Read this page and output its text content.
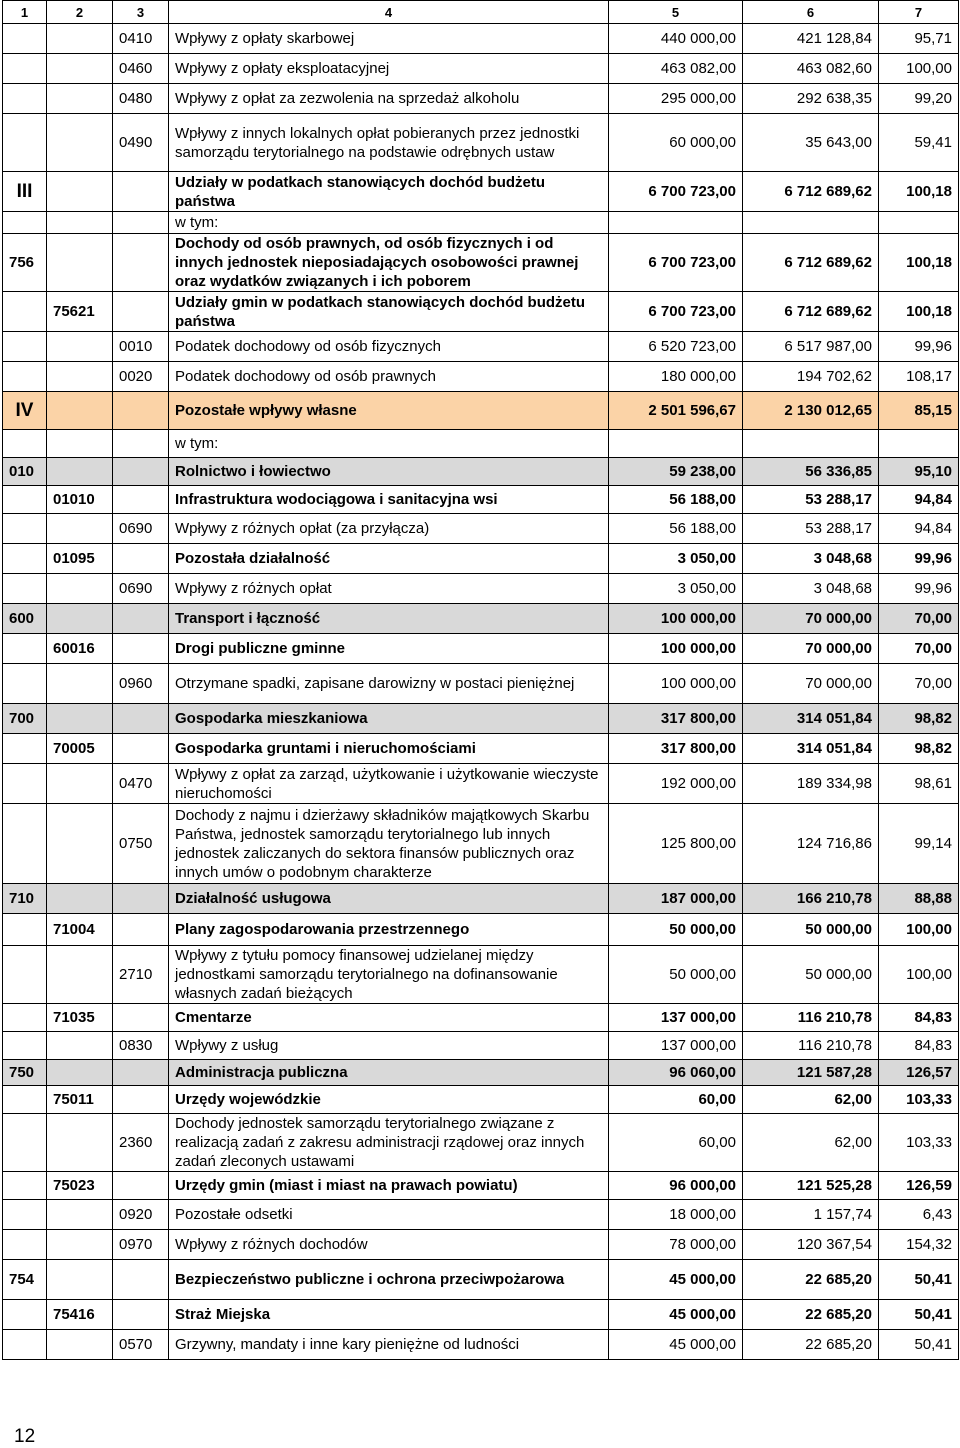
1	2	3	4	5	6	7
		0410	Wpływy z opłaty skarbowej	440 000,00	421 128,84	95,71
		0460	Wpływy z opłaty eksploatacyjnej	463 082,00	463 082,60	100,00
		0480	Wpływy z opłat za zezwolenia na sprzedaż alkoholu	295 000,00	292 638,35	99,20
		0490	Wpływy z innych lokalnych opłat pobieranych przez jednostki samorządu terytorialnego na podstawie odrębnych ustaw	60 000,00	35 643,00	59,41
III			Udziały w podatkach stanowiących dochód budżetu państwa	6 700 723,00	6 712 689,62	100,18
			w tym:			
756			Dochody od osób prawnych, od osób fizycznych i od innych jednostek nieposiadających osobowości prawnej oraz wydatków związanych i ich poborem	6 700 723,00	6 712 689,62	100,18
	75621		Udziały gmin w podatkach stanowiących dochód budżetu państwa	6 700 723,00	6 712 689,62	100,18
		0010	Podatek dochodowy od osób fizycznych	6 520 723,00	6 517 987,00	99,96
		0020	Podatek dochodowy od osób prawnych	180 000,00	194 702,62	108,17
IV			Pozostałe wpływy własne	2 501 596,67	2 130 012,65	85,15
			w tym:			
010			Rolnictwo i łowiectwo	59 238,00	56 336,85	95,10
	01010		Infrastruktura wodociągowa i sanitacyjna wsi	56 188,00	53 288,17	94,84
		0690	Wpływy z różnych opłat (za przyłącza)	56 188,00	53 288,17	94,84
	01095		Pozostała działalność	3 050,00	3 048,68	99,96
		0690	Wpływy z różnych opłat	3 050,00	3 048,68	99,96
600			Transport i łączność	100 000,00	70 000,00	70,00
	60016		Drogi publiczne gminne	100 000,00	70 000,00	70,00
		0960	Otrzymane spadki, zapisane darowizny w postaci pieniężnej	100 000,00	70 000,00	70,00
700			Gospodarka mieszkaniowa	317 800,00	314 051,84	98,82
	70005		Gospodarka gruntami i nieruchomościami	317 800,00	314 051,84	98,82
		0470	Wpływy z opłat za zarząd, użytkowanie i użytkowanie wieczyste nieruchomości	192 000,00	189 334,98	98,61
		0750	Dochody z najmu i dzierżawy składników majątkowych Skarbu Państwa, jednostek samorządu terytorialnego lub innych jednostek zaliczanych do sektora finansów publicznych oraz innych umów o podobnym charakterze	125 800,00	124 716,86	99,14
710			Działalność usługowa	187 000,00	166 210,78	88,88
	71004		Plany zagospodarowania przestrzennego	50 000,00	50 000,00	100,00
		2710	Wpływy z tytułu pomocy finansowej udzielanej między jednostkami samorządu terytorialnego na dofinansowanie własnych zadań bieżących	50 000,00	50 000,00	100,00
	71035		Cmentarze	137 000,00	116 210,78	84,83
		0830	Wpływy z usług	137 000,00	116 210,78	84,83
750			Administracja publiczna	96 060,00	121 587,28	126,57
	75011		Urzędy wojewódzkie	60,00	62,00	103,33
		2360	Dochody jednostek samorządu terytorialnego związane z realizacją zadań z zakresu administracji rządowej oraz innych zadań zleconych ustawami	60,00	62,00	103,33
	75023		Urzędy gmin (miast i miast na prawach powiatu)	96 000,00	121 525,28	126,59
		0920	Pozostałe odsetki	18 000,00	1 157,74	6,43
		0970	Wpływy z różnych dochodów	78 000,00	120 367,54	154,32
754			Bezpieczeństwo publiczne i ochrona przeciwpożarowa	45 000,00	22 685,20	50,41
	75416		Straż Miejska	45 000,00	22 685,20	50,41
		0570	Grzywny, mandaty i inne kary pieniężne od ludności	45 000,00	22 685,20	50,41
12
